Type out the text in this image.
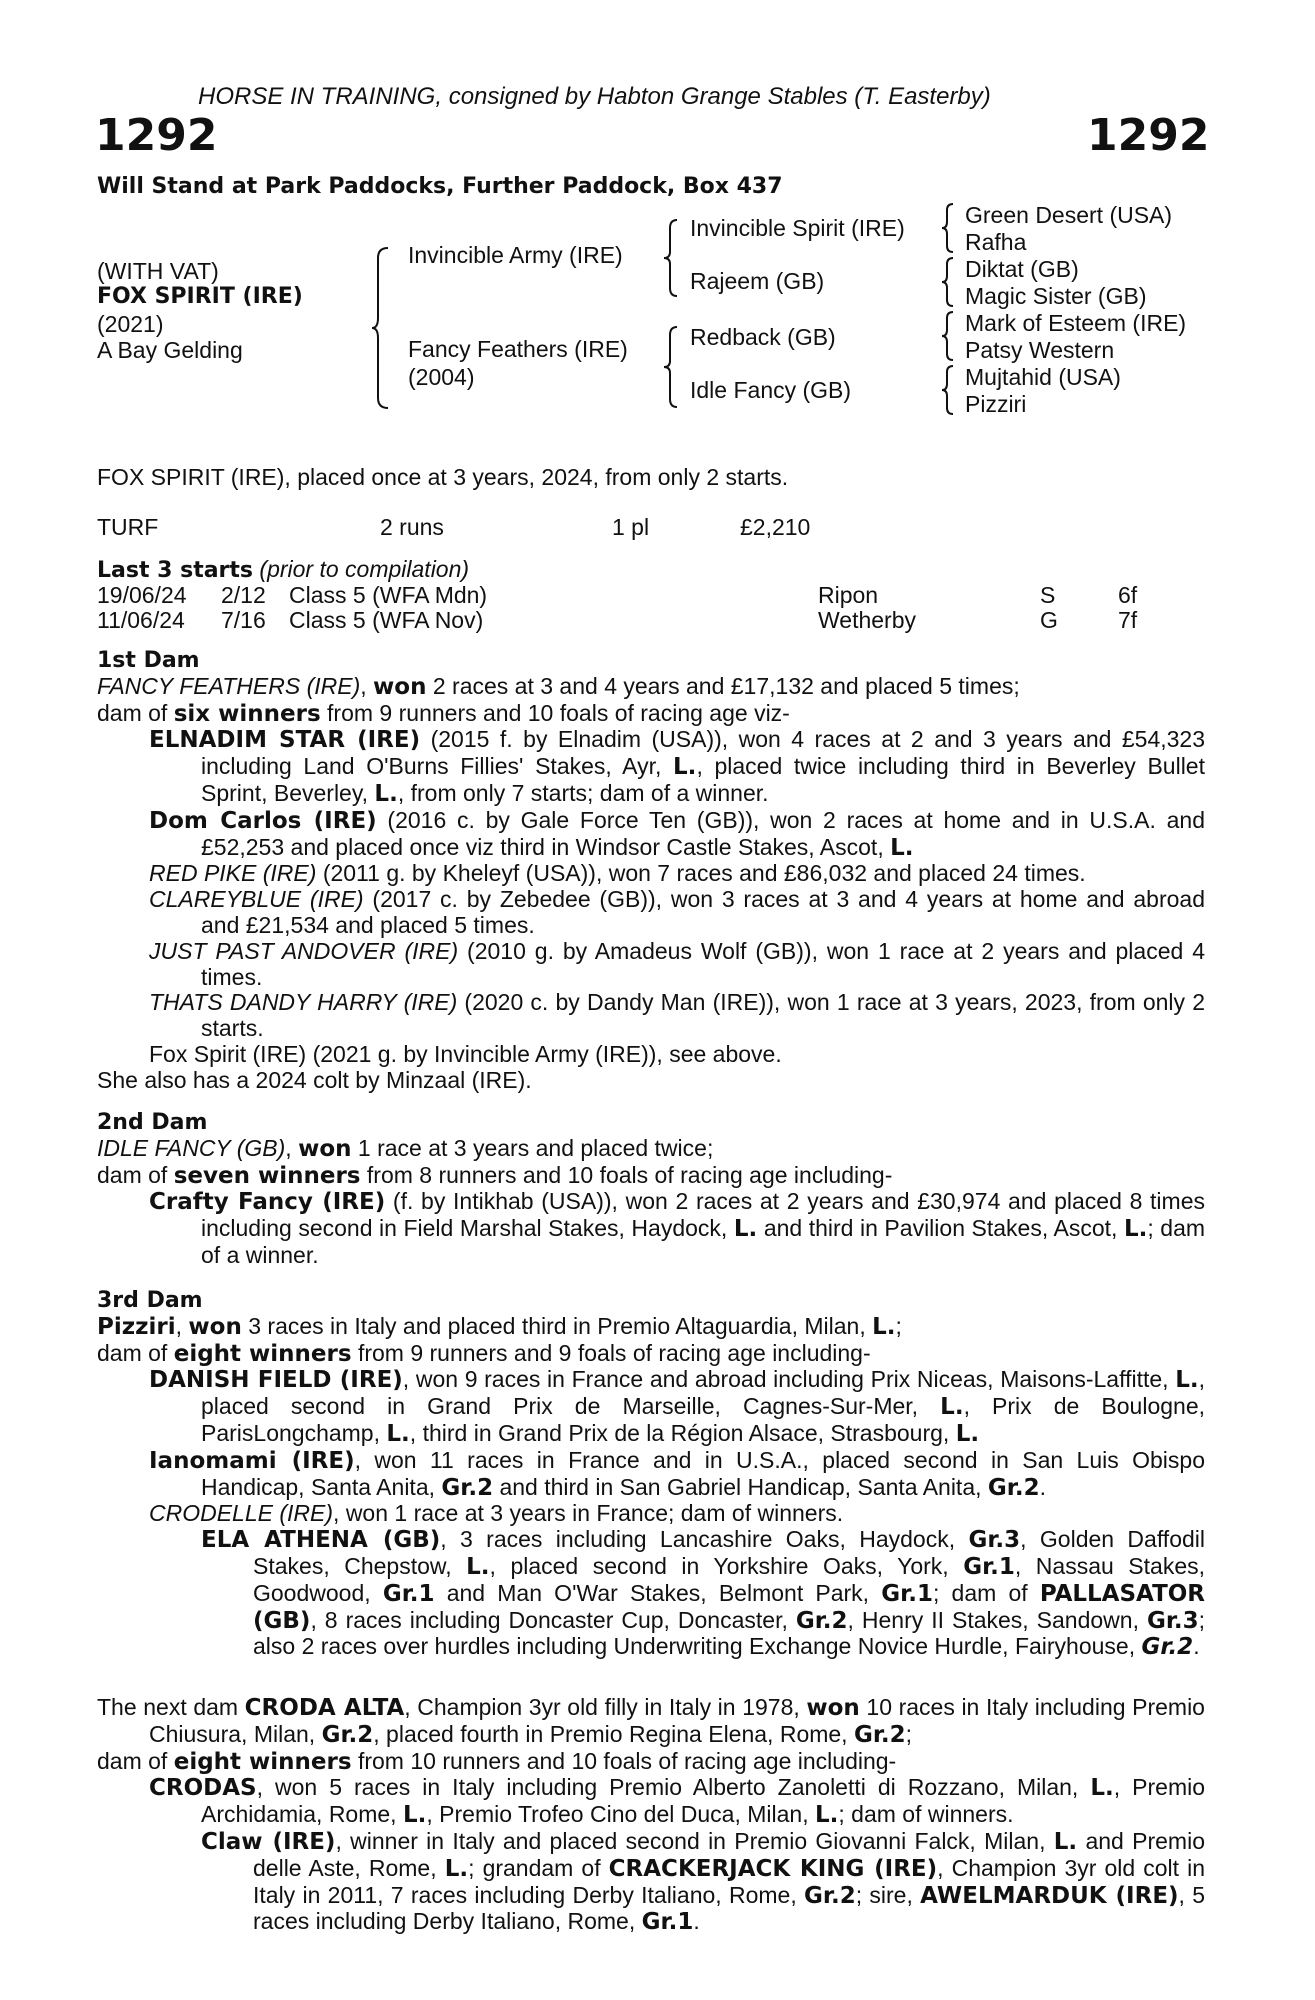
HORSE IN TRAINING, consigned by Habton Grange Stables (T. Easterby)
1292	1292
Will Stand at Park Paddocks, Further Paddock, Box 437
(WITH VAT)
FOX SPIRIT (IRE)
(2021)
A Bay Gelding
Invincible Army (IRE)
Fancy Feathers (IRE)
(2004)
Invincible Spirit (IRE)
Rajeem (GB)
Redback (GB)
Idle Fancy (GB)
Green Desert (USA)
Rafha
Diktat (GB)
Magic Sister (GB)
Mark of Esteem (IRE)
Patsy Western
Mujtahid (USA)
Pizziri
FOX SPIRIT (IRE), placed once at 3 years, 2024, from only 2 starts.
TURF	2 runs	1 pl	£2,210
Last 3 starts (prior to compilation)
19/06/24 2/12 Class 5 (WFA Mdn)	Ripon	S	6f
11/06/24 7/16 Class 5 (WFA Nov)	Wetherby	G	7f

1st Dam

FANCY FEATHERS (IRE), won 2 races at 3 and 4 years and £17,132 and placed 5 times;

dam of six winners from 9 runners and 10 foals of racing age viz-

ELNADIM STAR (IRE) (2015 f. by Elnadim (USA)), won 4 races at 2 and 3 years and £54,323 including Land O'Burns Fillies' Stakes, Ayr, L., placed twice including third in Beverley Bullet Sprint, Beverley, L., from only 7 starts; dam of a winner.

Dom Carlos (IRE) (2016 c. by Gale Force Ten (GB)), won 2 races at home and in U.S.A. and £52,253 and placed once viz third in Windsor Castle Stakes, Ascot, L.

RED PIKE (IRE) (2011 g. by Kheleyf (USA)), won 7 races and £86,032 and placed 24 times.

CLAREYBLUE (IRE) (2017 c. by Zebedee (GB)), won 3 races at 3 and 4 years at home and abroad and £21,534 and placed 5 times.

JUST PAST ANDOVER (IRE) (2010 g. by Amadeus Wolf (GB)), won 1 race at 2 years and placed 4 times.

THATS DANDY HARRY (IRE) (2020 c. by Dandy Man (IRE)), won 1 race at 3 years, 2023, from only 2 starts.

Fox Spirit (IRE) (2021 g. by Invincible Army (IRE)), see above.

She also has a 2024 colt by Minzaal (IRE).

2nd Dam

IDLE FANCY (GB), won 1 race at 3 years and placed twice;

dam of seven winners from 8 runners and 10 foals of racing age including-

Crafty Fancy (IRE) (f. by Intikhab (USA)), won 2 races at 2 years and £30,974 and placed 8 times including second in Field Marshal Stakes, Haydock, L. and third in Pavilion Stakes, Ascot, L.; dam of a winner.

3rd Dam

Pizziri, won 3 races in Italy and placed third in Premio Altaguardia, Milan, L.;

dam of eight winners from 9 runners and 9 foals of racing age including-

DANISH FIELD (IRE), won 9 races in France and abroad including Prix Niceas, Maisons-Laffitte, L., placed second in Grand Prix de Marseille, Cagnes-Sur-Mer, L., Prix de Boulogne, ParisLongchamp, L., third in Grand Prix de la Région Alsace, Strasbourg, L.

Ianomami (IRE), won 11 races in France and in U.S.A., placed second in San Luis Obispo Handicap, Santa Anita, Gr.2 and third in San Gabriel Handicap, Santa Anita, Gr.2.

CRODELLE (IRE), won 1 race at 3 years in France; dam of winners.

ELA ATHENA (GB), 3 races including Lancashire Oaks, Haydock, Gr.3, Golden Daffodil Stakes, Chepstow, L., placed second in Yorkshire Oaks, York, Gr.1, Nassau Stakes, Goodwood, Gr.1 and Man O'War Stakes, Belmont Park, Gr.1; dam of PALLASATOR (GB), 8 races including Doncaster Cup, Doncaster, Gr.2, Henry II Stakes, Sandown, Gr.3; also 2 races over hurdles including Underwriting Exchange Novice Hurdle, Fairyhouse, Gr.2.

The next dam CRODA ALTA, Champion 3yr old filly in Italy in 1978, won 10 races in Italy including Premio Chiusura, Milan, Gr.2, placed fourth in Premio Regina Elena, Rome, Gr.2;

dam of eight winners from 10 runners and 10 foals of racing age including-

CRODAS, won 5 races in Italy including Premio Alberto Zanoletti di Rozzano, Milan, L., Premio Archidamia, Rome, L., Premio Trofeo Cino del Duca, Milan, L.; dam of winners.

Claw (IRE), winner in Italy and placed second in Premio Giovanni Falck, Milan, L. and Premio delle Aste, Rome, L.; grandam of CRACKERJACK KING (IRE), Champion 3yr old colt in Italy in 2011, 7 races including Derby Italiano, Rome, Gr.2; sire, AWELMARDUK (IRE), 5 races including Derby Italiano, Rome, Gr.1.
